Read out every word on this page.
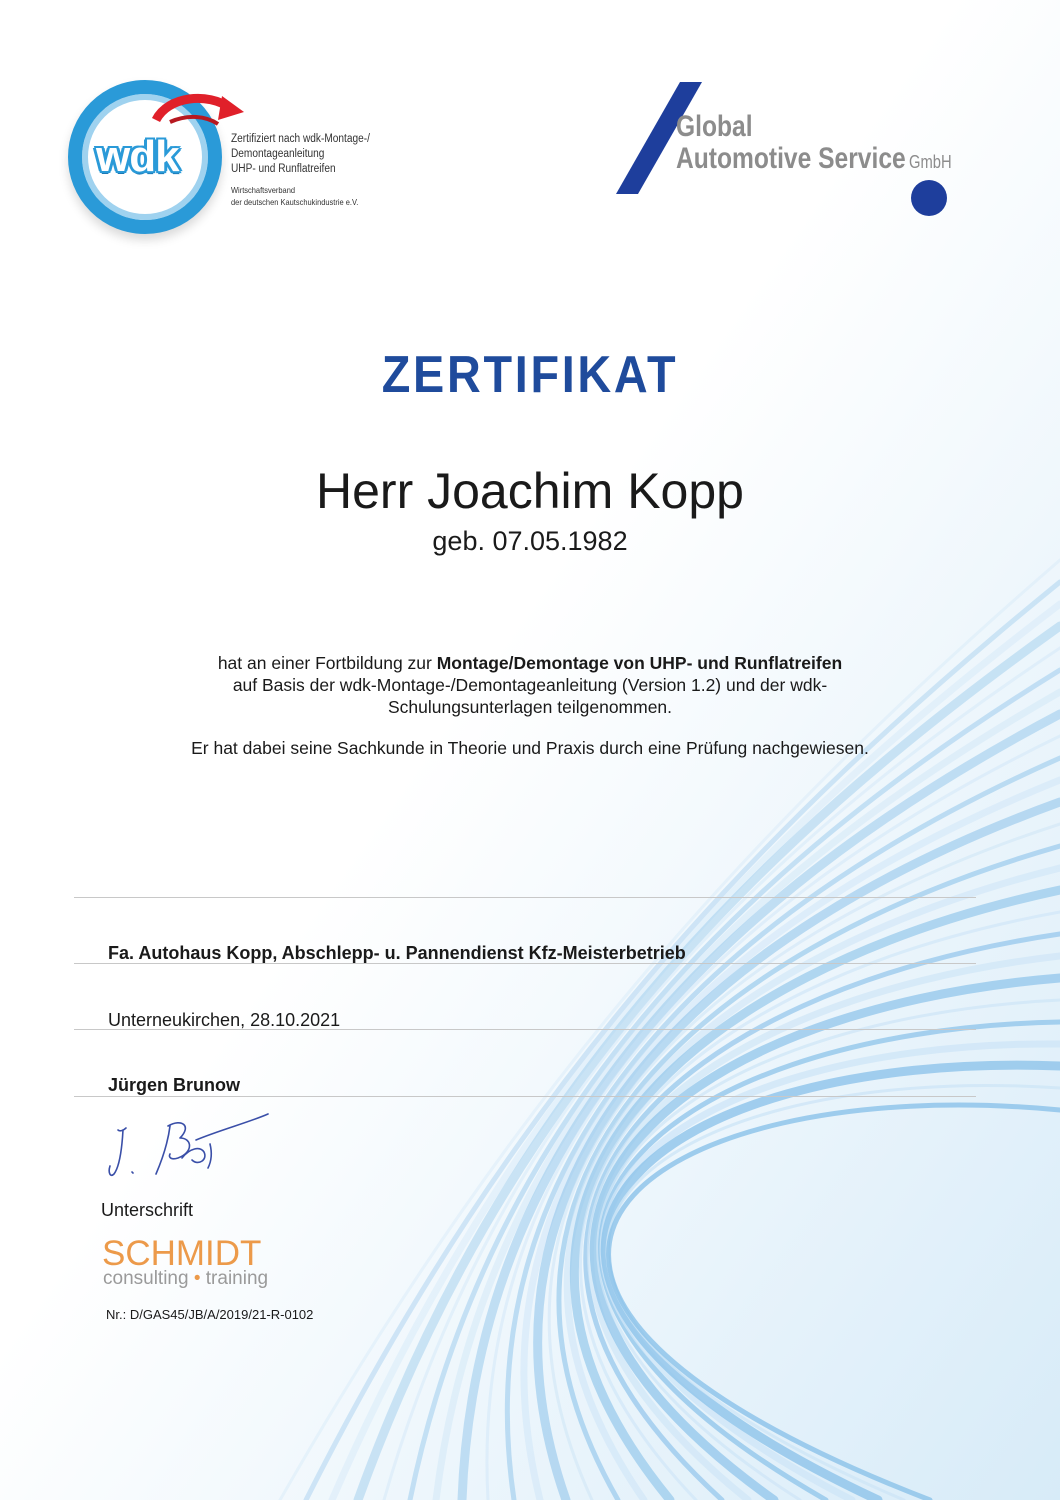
wdk	Zertifiziert nach wdk-Montage-/
Demontageanleitung
UHP- und Runflatreifen
Wirtschaftsverband
der deutschen Kautschukindustrie e.V.
Global
Automotive Service GmbH
ZERTIFIKAT
Herr Joachim Kopp
geb. 07.05.1982
hat an einer Fortbildung zur Montage/Demontage von UHP- und Runflatreifen
auf Basis der wdk-Montage-/Demontageanleitung (Version 1.2) und der wdk-
Schulungsunterlagen teilgenommen.
Er hat dabei seine Sachkunde in Theorie und Praxis durch eine Prüfung nachgewiesen.
Fa. Autohaus Kopp, Abschlepp- u. Pannendienst Kfz-Meisterbetrieb
Unterneukirchen, 28.10.2021
Jürgen Brunow
Unterschrift
SCHMIDT
consulting • training
Nr.: D/GAS45/JB/A/2019/21-R-0102
